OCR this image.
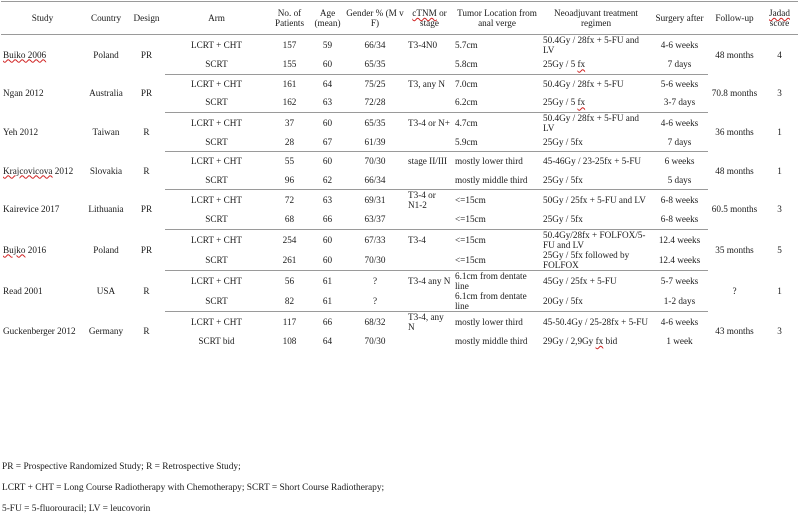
Study	Country	Design	Arm	No. of Patients	Age (mean)	Gender % (M v F)	cTNM or stage	Tumor Location from anal verge	Neoadjuvant treatment regimen	Surgery after	Follow-up	Jadad score
Buiko 2006	Poland	PR	LCRT + CHT	157	59	66/34	T3-4N0	5.7cm	50.4Gy / 28fx + 5-FU and LV	4-6 weeks	48 months	4
			SCRT	155	60	65/35		5.8cm	25Gy / 5 fx	7 days		
Ngan 2012	Australia	PR	LCRT + CHT	161	64	75/25	T3, any N	7.0cm	50.4Gy / 28fx + 5-FU	5-6 weeks	70.8 months	3
			SCRT	162	63	72/28		6.2cm	25Gy / 5 fx	3-7 days		
Yeh 2012	Taiwan	R	LCRT + CHT	37	60	65/35	T3-4 or N+	4.7cm	50.4Gy / 28fx + 5-FU and LV	4-6 weeks	36 months	1
			SCRT	28	67	61/39		5.9cm	25Gy / 5fx	7 days		
Krajcovicova 2012	Slovakia	R	LCRT + CHT	55	60	70/30	stage II/III	mostly lower third	45-46Gy / 23-25fx + 5-FU	6 weeks	48 months	1
			SCRT	96	62	66/34		mostly middle third	25Gy / 5fx	5 days		
Kairevice 2017	Lithuania	PR	LCRT + CHT	72	63	69/31	T3-4 or N1-2	<=15cm	50Gy / 25fx + 5-FU and LV	6-8 weeks	60.5 months	3
			SCRT	68	66	63/37		<=15cm	25Gy / 5fx	6-8 weeks		
Bujko 2016	Poland	PR	LCRT + CHT	254	60	67/33	T3-4	<=15cm	50.4Gy/28fx + FOLFOX/5-FU and LV	12.4 weeks	35 months	5
			SCRT	261	60	70/30		<=15cm	25Gy / 5fx followed by FOLFOX	12.4 weeks		
Read 2001	USA	R	LCRT + CHT	56	61	?	T3-4 any N	6.1cm from dentate line	45Gy / 25fx + 5-FU	5-7 weeks	?	1
			SCRT	82	61	?		6.1cm from dentate line	20Gy / 5fx	1-2 days		
Guckenberger 2012	Germany	R	LCRT + CHT	117	66	68/32	T3-4, any N	mostly lower third	45-50.4Gy / 25-28fx + 5-FU	4-6 weeks	43 months	3
			SCRT bid	108	64	70/30		mostly middle third	29Gy / 2,9Gy fx bid	1 week		

PR = Prospective Randomized Study; R = Retrospective Study;

LCRT + CHT = Long Course Radiotherapy with Chemotherapy; SCRT = Short Course Radiotherapy;

5-FU = 5-fluorouracil; LV = leucovorin
